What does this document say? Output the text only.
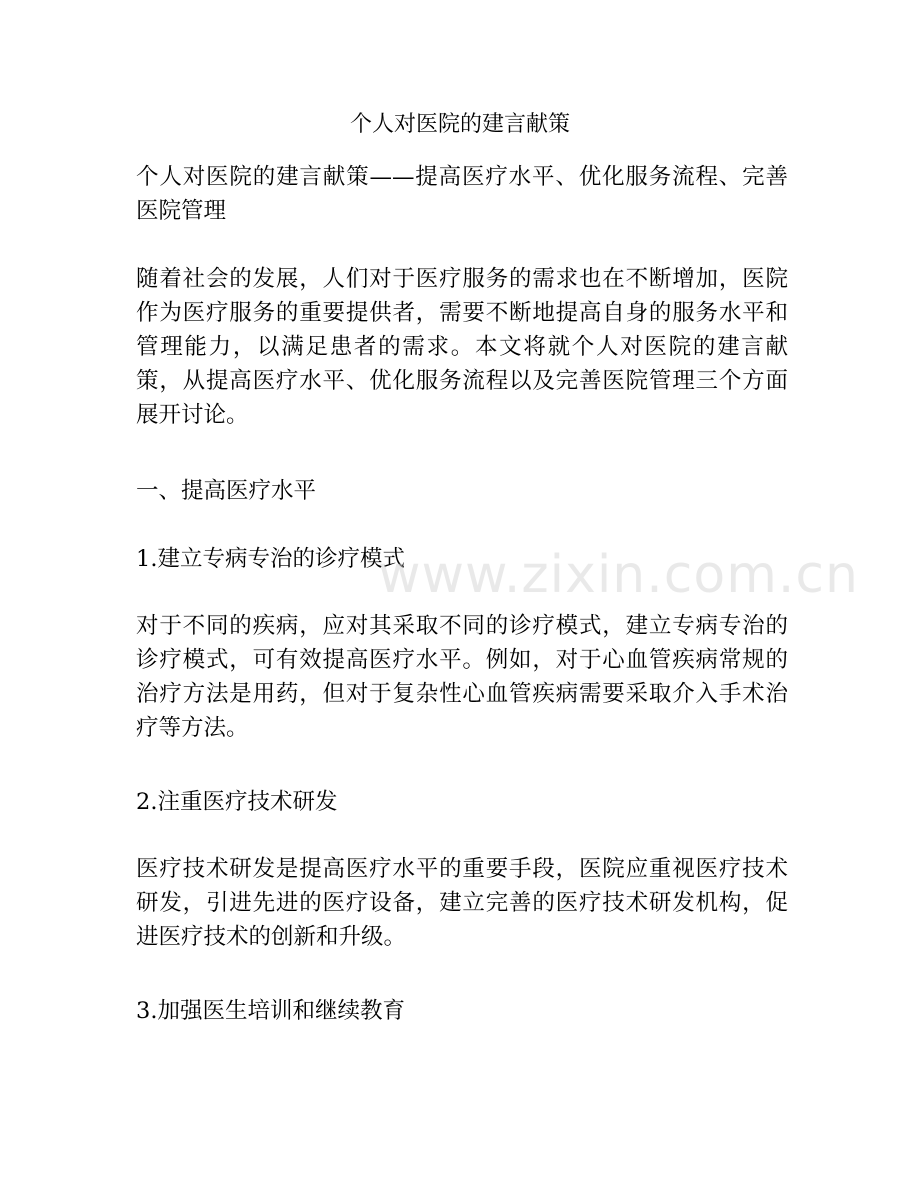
个人对医院的建言献策
个人对医院的建言献策——提高医疗水平、优化服务流程、完善医院管理
随着社会的发展，人们对于医疗服务的需求也在不断增加，医院作为医疗服务的重要提供者，需要不断地提高自身的服务水平和管理能力，以满足患者的需求。本文将就个人对医院的建言献策，从提高医疗水平、优化服务流程以及完善医院管理三个方面展开讨论。
一、提高医疗水平
1.建立专病专治的诊疗模式
对于不同的疾病，应对其采取不同的诊疗模式，建立专病专治的诊疗模式，可有效提高医疗水平。例如，对于心血管疾病常规的治疗方法是用药，但对于复杂性心血管疾病需要采取介入手术治疗等方法。
2.注重医疗技术研发
医疗技术研发是提高医疗水平的重要手段，医院应重视医疗技术研发，引进先进的医疗设备，建立完善的医疗技术研发机构，促进医疗技术的创新和升级。
3.加强医生培训和继续教育
www.zixin.com.cn
